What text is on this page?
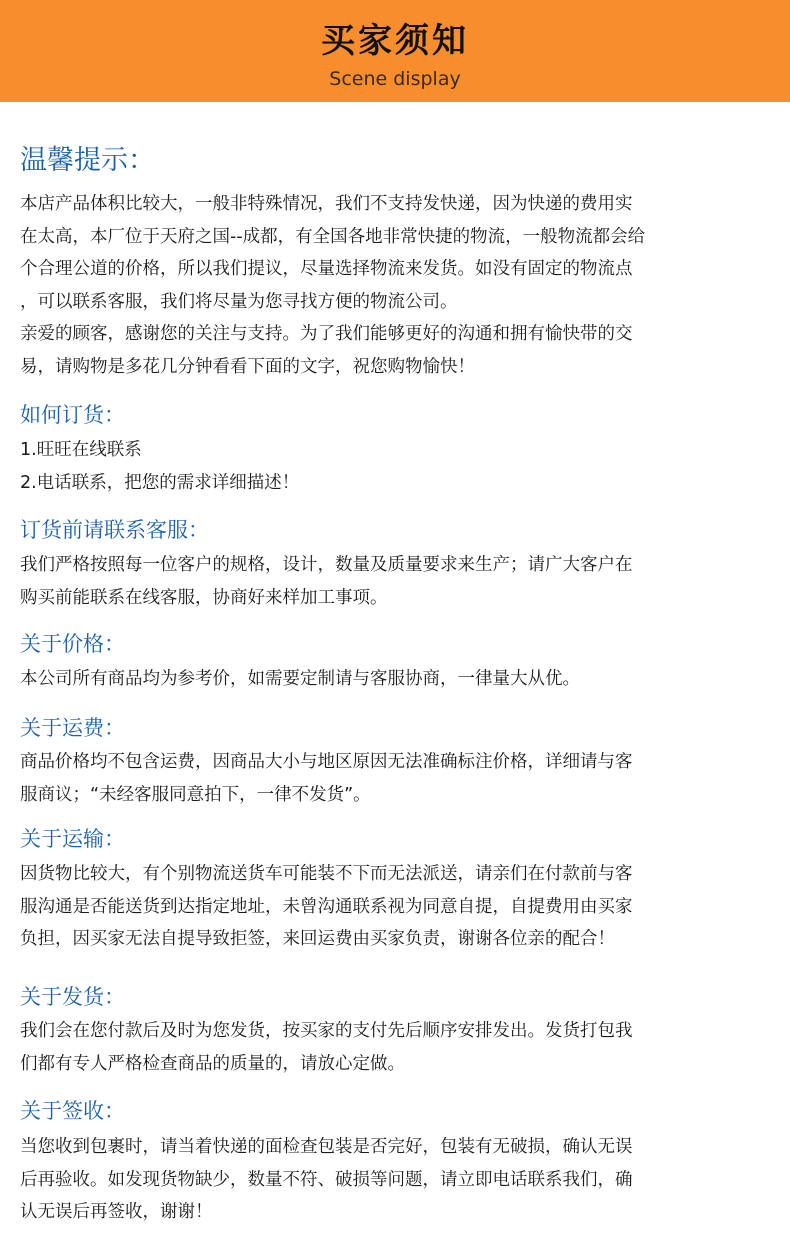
买家须知
Scene display
温馨提示：
本店产品体积比较大，一般非特殊情况，我们不支持发快递，因为快递的费用实
在太高，本厂位于天府之国--成都，有全国各地非常快捷的物流，一般物流都会给
个合理公道的价格，所以我们提议，尽量选择物流来发货。如没有固定的物流点
，可以联系客服，我们将尽量为您寻找方便的物流公司。
亲爱的顾客，感谢您的关注与支持。为了我们能够更好的沟通和拥有愉快带的交
易，请购物是多花几分钟看看下面的文字，祝您购物愉快！
如何订货：
1.旺旺在线联系
2.电话联系，把您的需求详细描述！
订货前请联系客服：
我们严格按照每一位客户的规格，设计，数量及质量要求来生产；请广大客户在
购买前能联系在线客服，协商好来样加工事项。
关于价格：
本公司所有商品均为参考价，如需要定制请与客服协商，一律量大从优。
关于运费：
商品价格均不包含运费，因商品大小与地区原因无法准确标注价格，详细请与客
服商议；“未经客服同意拍下，一律不发货”。
关于运输：
因货物比较大，有个别物流送货车可能装不下而无法派送，请亲们在付款前与客
服沟通是否能送货到达指定地址，未曾沟通联系视为同意自提，自提费用由买家
负担，因买家无法自提导致拒签，来回运费由买家负责，谢谢各位亲的配合！
关于发货：
我们会在您付款后及时为您发货，按买家的支付先后顺序安排发出。发货打包我
们都有专人严格检查商品的质量的，请放心定做。
关于签收：
当您收到包裹时，请当着快递的面检查包装是否完好，包装有无破损，确认无误
后再验收。如发现货物缺少，数量不符、破损等问题，请立即电话联系我们，确
认无误后再签收，谢谢！
